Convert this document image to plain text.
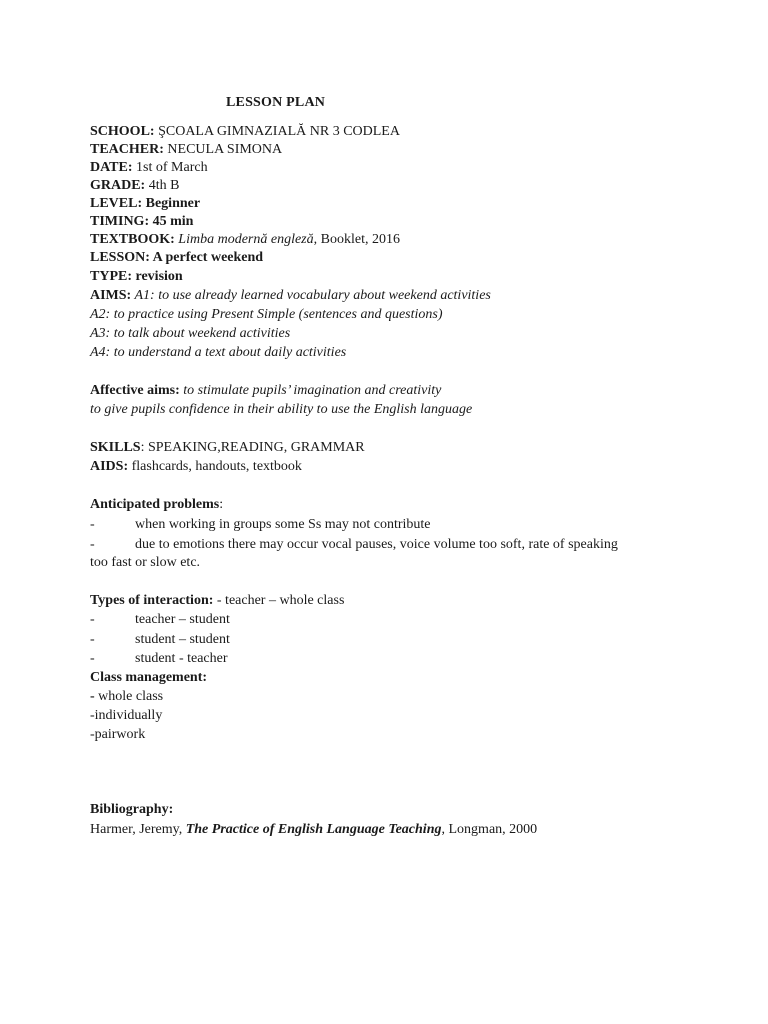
LESSON PLAN
SCHOOL: ŞCOALA GIMNAZIALĂ NR 3 CODLEA
TEACHER: NECULA SIMONA
DATE: 1st of March
GRADE: 4th B
LEVEL: Beginner
TIMING: 45 min
TEXTBOOK: Limba modernă engleză, Booklet, 2016
LESSON: A perfect weekend
TYPE: revision
AIMS: A1: to use already learned vocabulary about weekend activities
A2: to practice using Present Simple (sentences and questions)
A3: to talk about weekend activities
A4: to understand a text about daily activities
Affective aims: to stimulate pupils’ imagination and creativity
to give pupils confidence in their ability to use the English language
SKILLS: SPEAKING,READING, GRAMMAR
AIDS: flashcards, handouts, textbook
Anticipated problems:
-	when working in groups some Ss may not contribute
-	due to emotions there may occur vocal pauses, voice volume too soft, rate of speaking
too fast or slow etc.
Types of interaction: - teacher – whole class
-	teacher – student
-	student – student
-	student - teacher
Class management:
- whole class
-individually
-pairwork
Bibliography:
Harmer, Jeremy, The Practice of English Language Teaching, Longman, 2000
